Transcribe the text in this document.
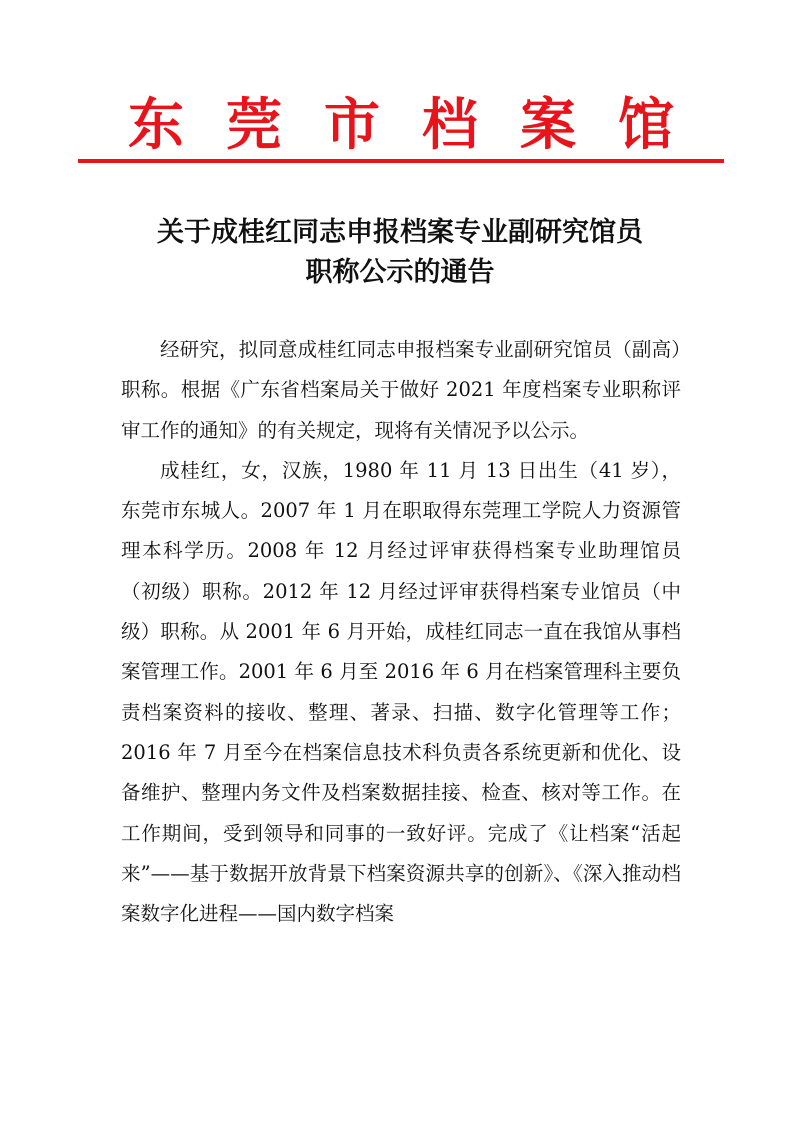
东 莞 市 档 案 馆
关于成桂红同志申报档案专业副研究馆员
职称公示的通告

经研究，拟同意成桂红同志申报档案专业副研究馆员（副高）职称。根据《广东省档案局关于做好 2021 年度档案专业职称评审工作的通知》的有关规定，现将有关情况予以公示。

成桂红，女，汉族，1980 年 11 月 13 日出生（41 岁），东莞市东城人。2007 年 1 月在职取得东莞理工学院人力资源管理本科学历。2008 年 12 月经过评审获得档案专业助理馆员（初级）职称。2012 年 12 月经过评审获得档案专业馆员（中级）职称。从 2001 年 6 月开始，成桂红同志一直在我馆从事档案管理工作。2001 年 6 月至 2016 年 6 月在档案管理科主要负责档案资料的接收、整理、著录、扫描、数字化管理等工作；2016 年 7 月至今在档案信息技术科负责各系统更新和优化、设备维护、整理内务文件及档案数据挂接、检查、核对等工作。在工作期间，受到领导和同事的一致好评。完成了《让档案“活起来”——基于数据开放背景下档案资源共享的创新》、《深入推动档案数字化进程——国内数字档案
